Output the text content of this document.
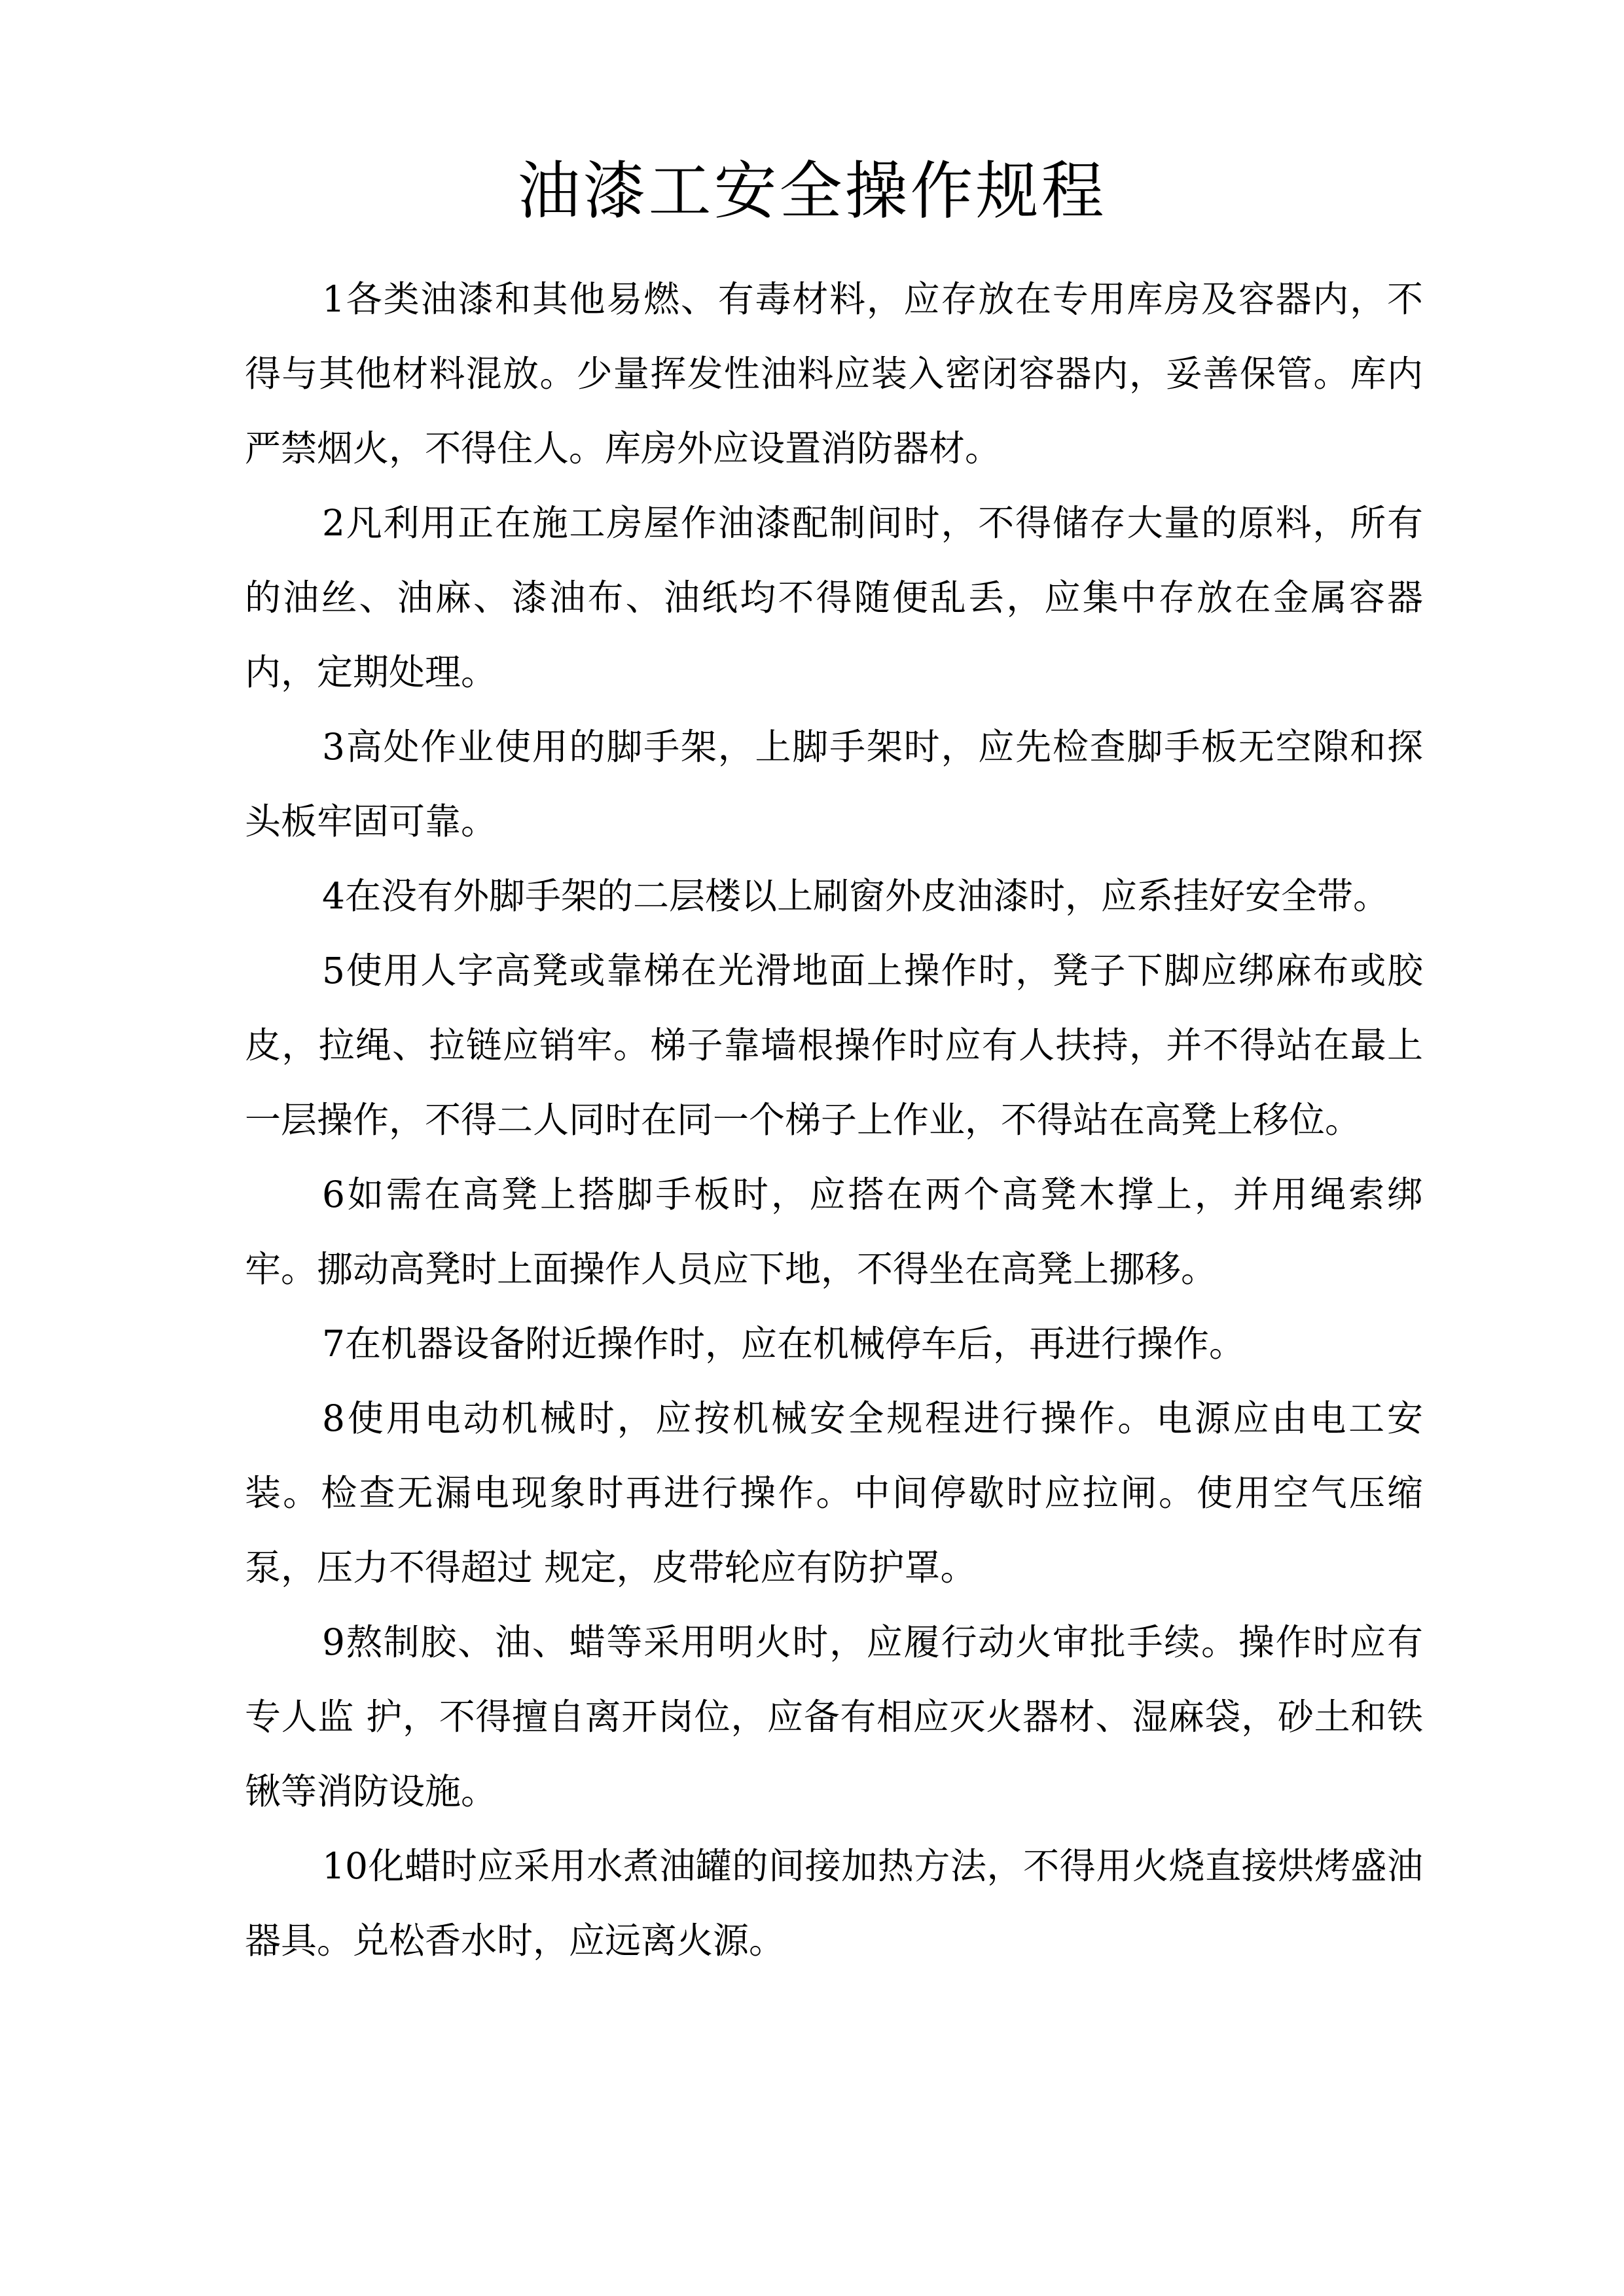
油漆工安全操作规程

1各类油漆和其他易燃、有毒材料，应存放在专用库房及容器内，不得与其他材料混放。少量挥发性油料应装入密闭容器内，妥善保管。库内严禁烟火，不得住人。库房外应设置消防器材。

2凡利用正在施工房屋作油漆配制间时，不得储存大量的原料，所有的油丝、油麻、漆油布、油纸均不得随便乱丢，应集中存放在金属容器内，定期处理。

3高处作业使用的脚手架，上脚手架时，应先检查脚手板无空隙和探头板牢固可靠。

4在没有外脚手架的二层楼以上刷窗外皮油漆时，应系挂好安全带。

5使用人字高凳或靠梯在光滑地面上操作时，凳子下脚应绑麻布或胶皮，拉绳、拉链应销牢。梯子靠墙根操作时应有人扶持，并不得站在最上一层操作，不得二人同时在同一个梯子上作业，不得站在高凳上移位。

6如需在高凳上搭脚手板时，应搭在两个高凳木撑上，并用绳索绑牢。挪动高凳时上面操作人员应下地，不得坐在高凳上挪移。

7在机器设备附近操作时，应在机械停车后，再进行操作。

8使用电动机械时，应按机械安全规程进行操作。电源应由电工安装。检查无漏电现象时再进行操作。中间停歇时应拉闸。使用空气压缩泵，压力不得超过 规定，皮带轮应有防护罩。

9熬制胶、油、蜡等采用明火时，应履行动火审批手续。操作时应有专人监 护，不得擅自离开岗位，应备有相应灭火器材、湿麻袋，砂土和铁锹等消防设施。

10化蜡时应采用水煮油罐的间接加热方法，不得用火烧直接烘烤盛油器具。兑松香水时，应远离火源。
